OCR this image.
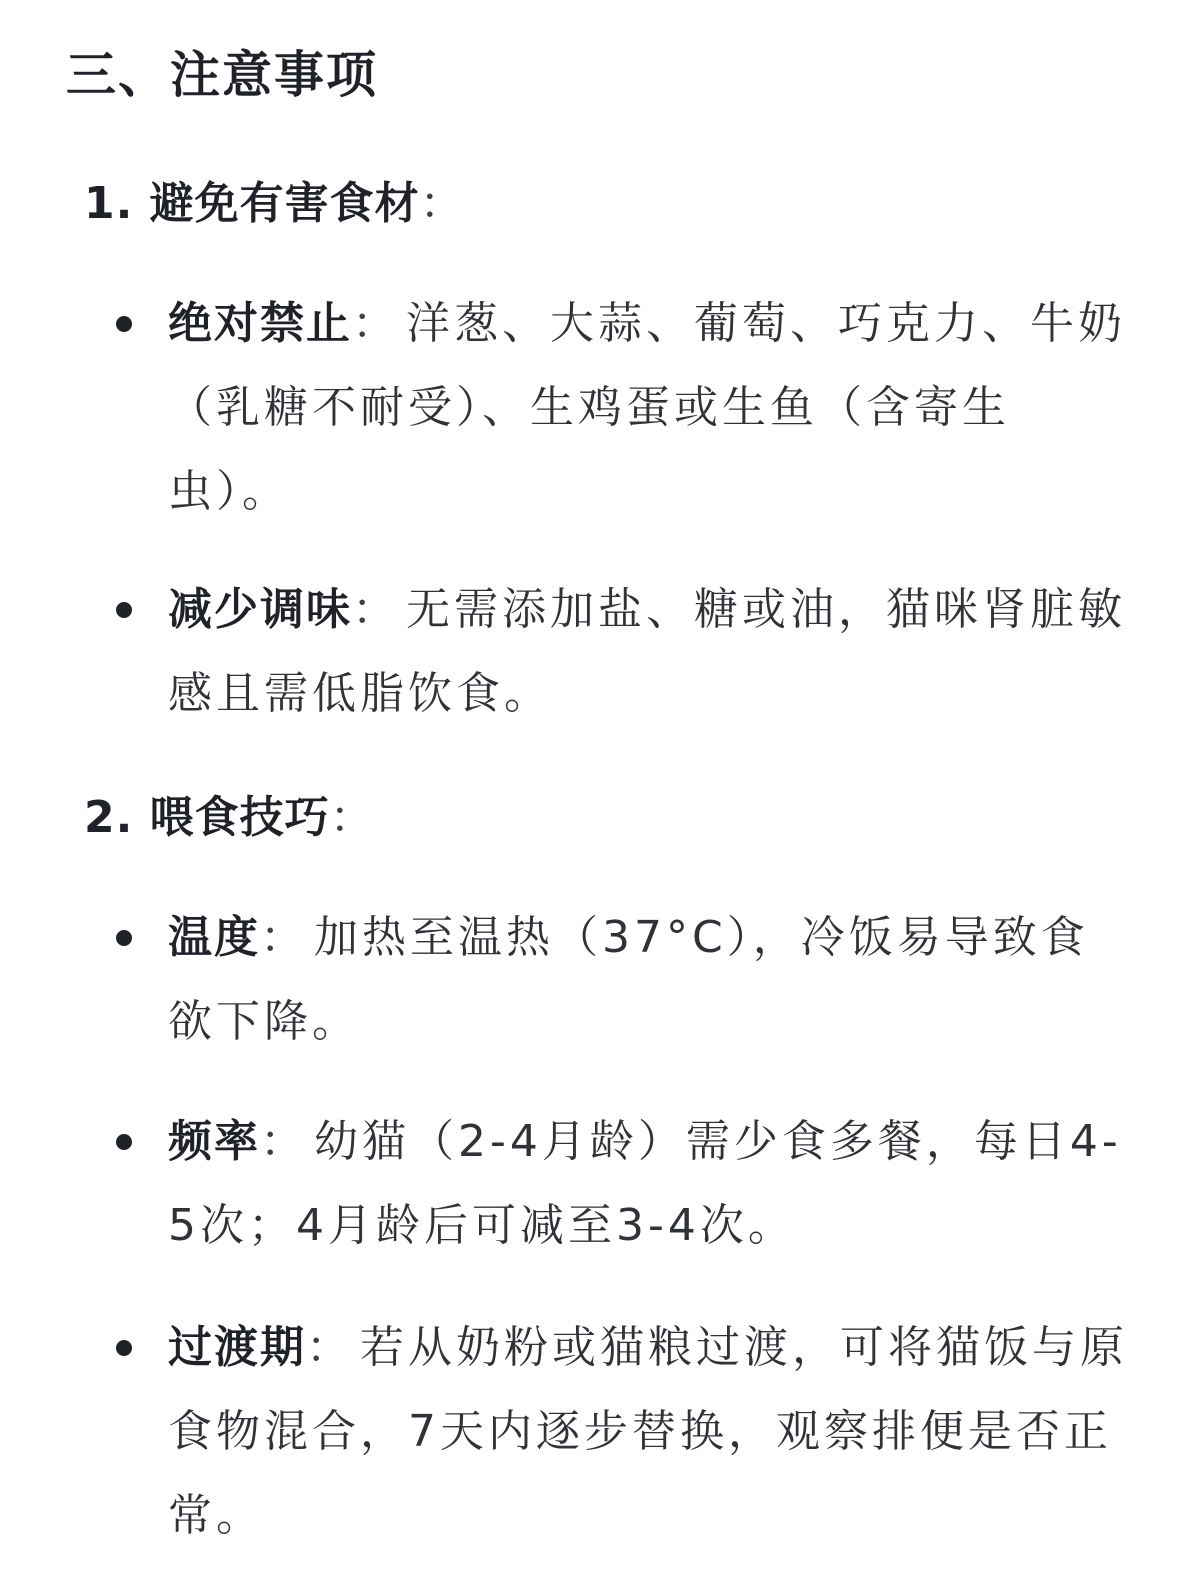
三、注意事项
1. 避免有害食材：

绝对禁止： 洋葱、大蒜、葡萄、巧克力、牛奶（乳糖不耐受）、生鸡蛋或生鱼（含寄生虫）。

减少调味： 无需添加盐、糖或油，猫咪肾脏敏感且需低脂饮食。

2. 喂食技巧：

温度： 加热至温热（37°C），冷饭易导致食欲下降。

频率： 幼猫（2-4月龄）需少食多餐，每日4-5次；4月龄后可减至3-4次。

过渡期： 若从奶粉或猫粮过渡，可将猫饭与原食物混合，7天内逐步替换，观察排便是否正常。
